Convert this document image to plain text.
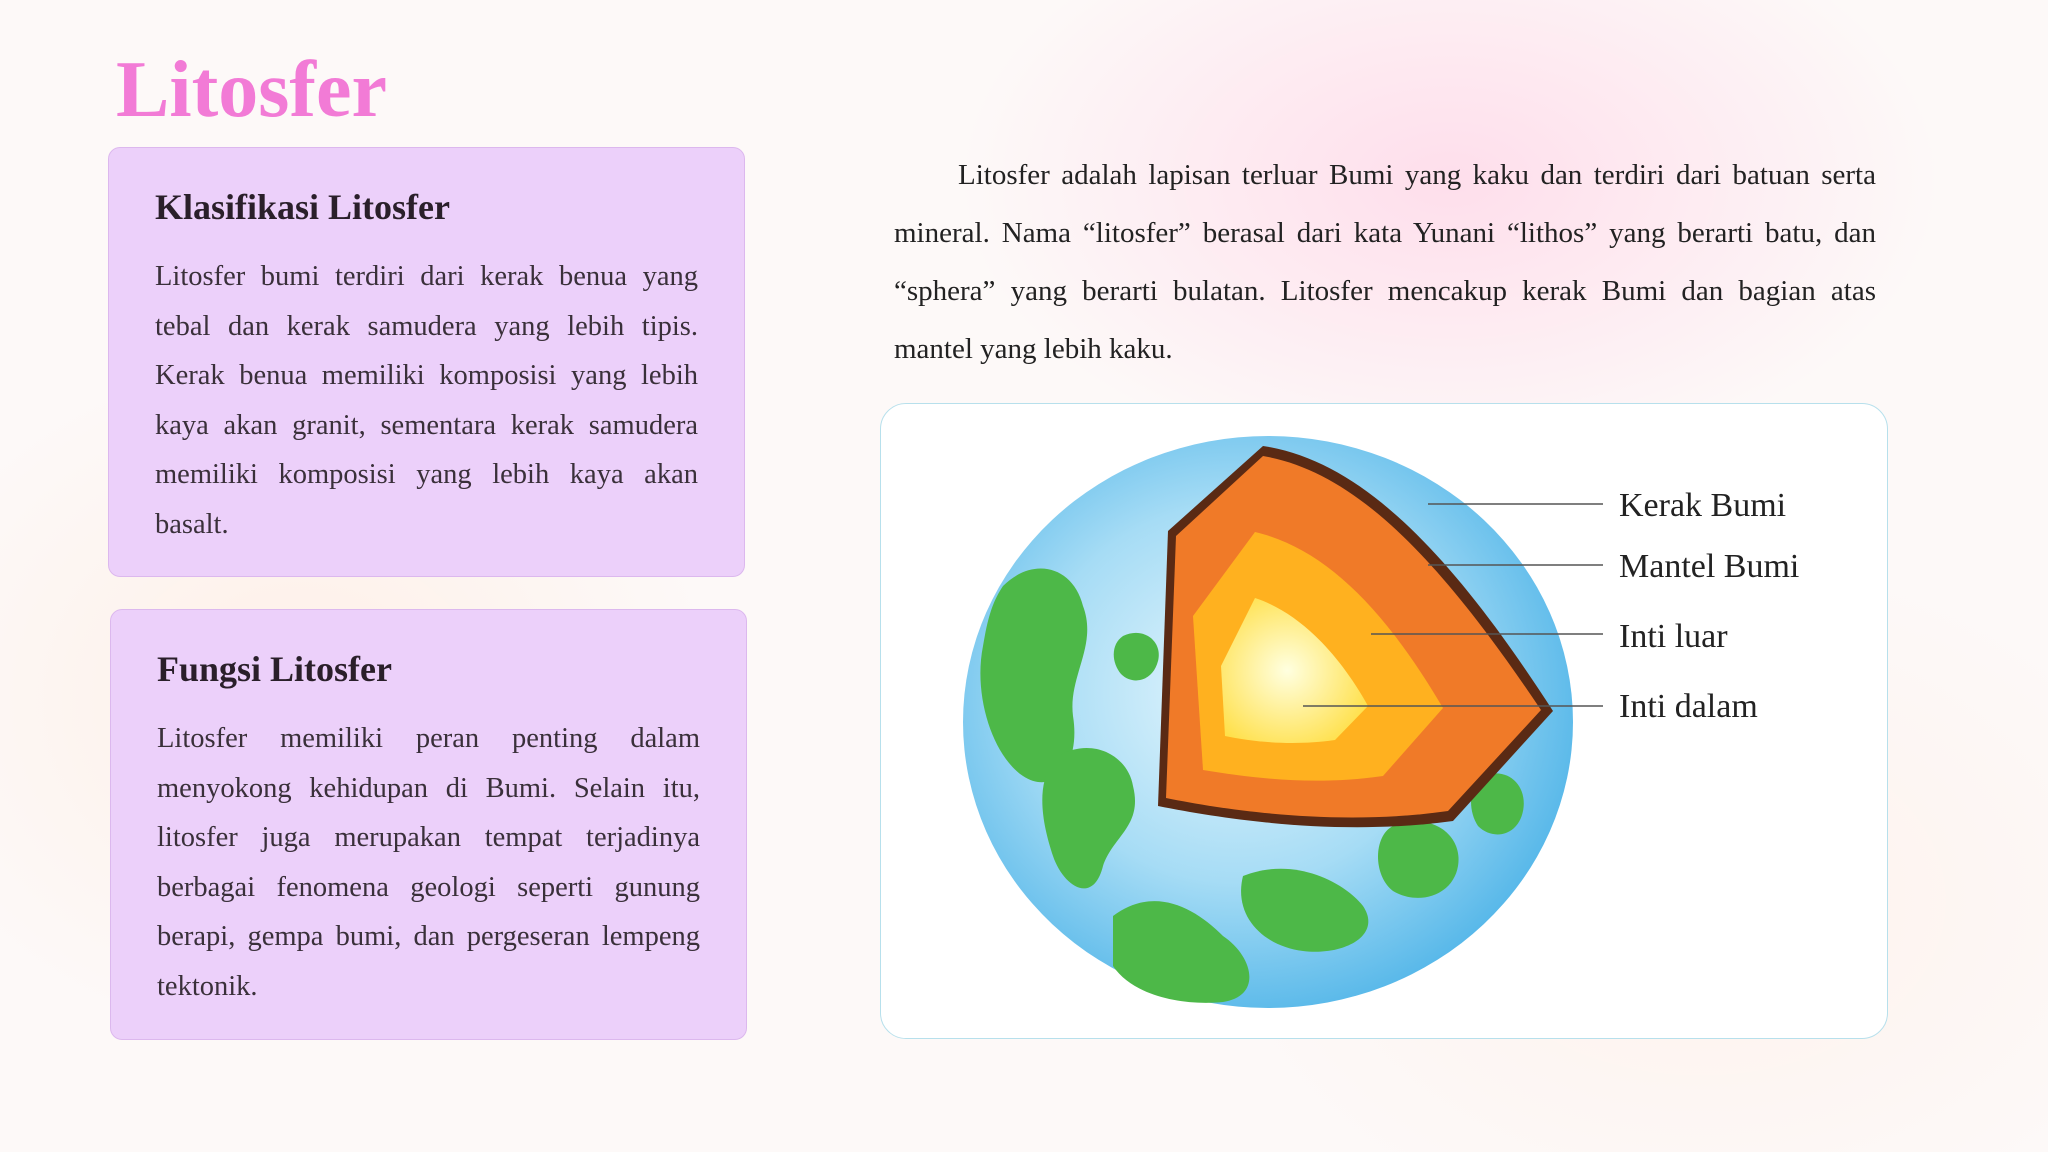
Litosfer
Klasifikasi Litosfer

Litosfer bumi terdiri dari kerak benua yang tebal dan kerak samudera yang lebih tipis. Kerak benua memiliki komposisi yang lebih kaya akan granit, sementara kerak samudera memiliki komposisi yang lebih kaya akan basalt.

Fungsi Litosfer

Litosfer memiliki peran penting dalam menyokong kehidupan di Bumi. Selain itu, litosfer juga merupakan tempat terjadinya berbagai fenomena geologi seperti gunung berapi, gempa bumi, dan pergeseran lempeng tektonik.

Litosfer adalah lapisan terluar Bumi yang kaku dan terdiri dari batuan serta mineral. Nama “litosfer” berasal dari kata Yunani “lithos” yang berarti batu, dan “sphera” yang berarti bulatan. Litosfer mencakup kerak Bumi dan bagian atas mantel yang lebih kaku.

Kerak Bumi
Mantel Bumi
Inti luar
Inti dalam
